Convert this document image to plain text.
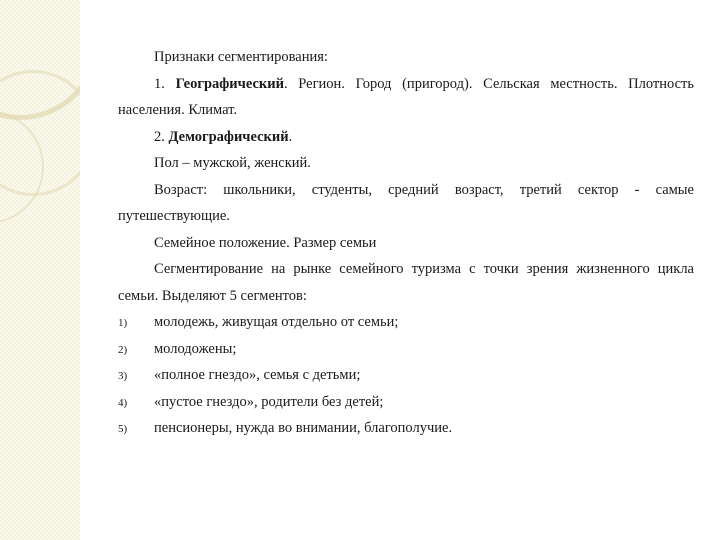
Признаки сегментирования:

1. Географический. Регион. Город (пригород). Сельская местность. Плотность населения. Климат.

2. Демографический.

Пол – мужской, женский.

Возраст: школьники, студенты, средний возраст, третий сектор - самые путешествующие.

Семейное положение. Размер семьи

Сегментирование на рынке семейного туризма с точки зрения жизненного цикла семьи. Выделяют 5 сегментов:

1) молодежь, живущая отдельно от семьи;
2) молодожены;
3) «полное гнездо», семья с детьми;
4) «пустое гнездо», родители без детей;
5) пенсионеры, нужда во внимании, благополучие.
